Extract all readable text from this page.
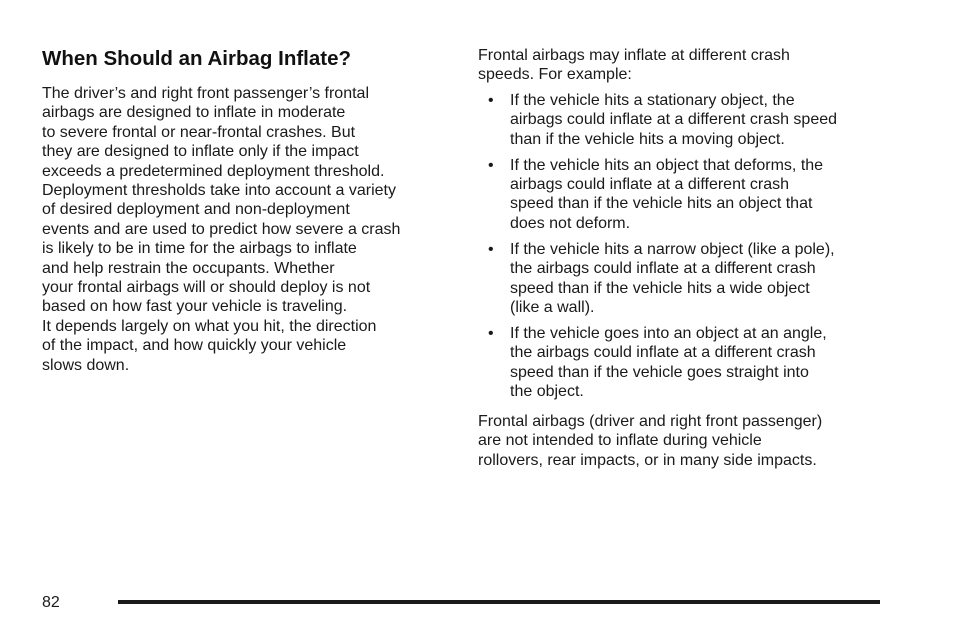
When Should an Airbag Inflate?

The driver’s and right front passenger’s frontal
airbags are designed to inflate in moderate
to severe frontal or near-frontal crashes. But
they are designed to inflate only if the impact
exceeds a predetermined deployment threshold.
Deployment thresholds take into account a variety
of desired deployment and non-deployment
events and are used to predict how severe a crash
is likely to be in time for the airbags to inflate
and help restrain the occupants. Whether
your frontal airbags will or should deploy is not
based on how fast your vehicle is traveling.
It depends largely on what you hit, the direction
of the impact, and how quickly your vehicle
slows down.

Frontal airbags may inflate at different crash
speeds. For example:

• If the vehicle hits a stationary object, the
airbags could inflate at a different crash speed
than if the vehicle hits a moving object.
• If the vehicle hits an object that deforms, the
airbags could inflate at a different crash
speed than if the vehicle hits an object that
does not deform.
• If the vehicle hits a narrow object (like a pole),
the airbags could inflate at a different crash
speed than if the vehicle hits a wide object
(like a wall).
• If the vehicle goes into an object at an angle,
the airbags could inflate at a different crash
speed than if the vehicle goes straight into
the object.

Frontal airbags (driver and right front passenger)
are not intended to inflate during vehicle
rollovers, rear impacts, or in many side impacts.

82
